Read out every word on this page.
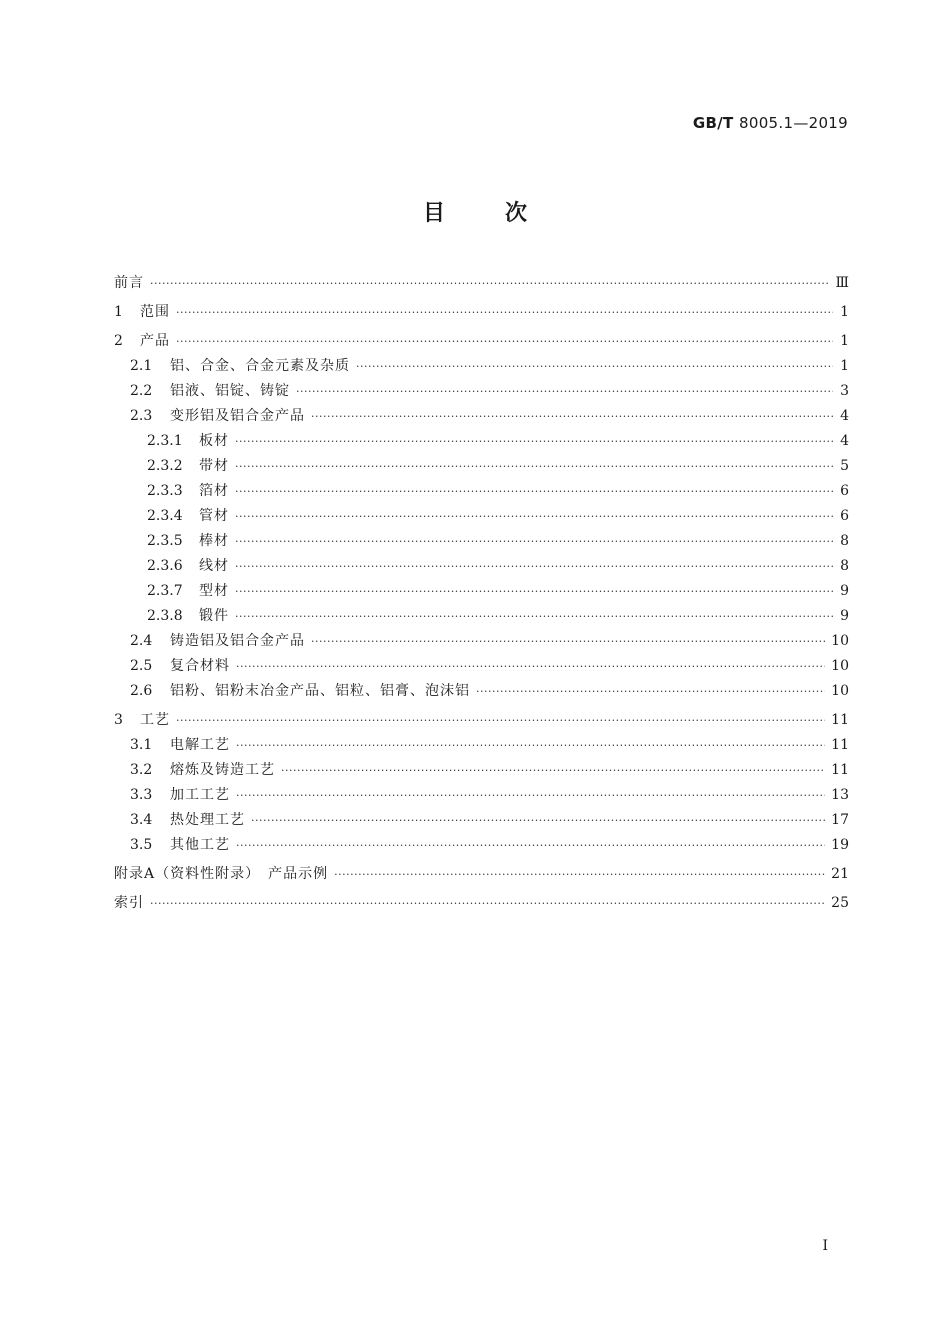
GB/T 8005.1—2019
目	次
前言 ·····	Ⅲ
1	范围 ·····	1
2	产品 ·····	1
2.1	铝、合金、合金元素及杂质 ·····	1
2.2	铝液、铝锭、铸锭 ·····	3
2.3	变形铝及铝合金产品 ·····	4
2.3.1	板材 ·····	4
2.3.2	带材 ·····	5
2.3.3	箔材 ·····	6
2.3.4	管材 ·····	6
2.3.5	棒材 ·····	8
2.3.6	线材 ·····	8
2.3.7	型材 ·····	9
2.3.8	锻件 ·····	9
2.4	铸造铝及铝合金产品 ·····	10
2.5	复合材料 ·····	10
2.6	铝粉、铝粉末冶金产品、铝粒、铝膏、泡沫铝 ·····	10
3	工艺 ·····	11
3.1	电解工艺 ·····	11
3.2	熔炼及铸造工艺 ·····	11
3.3	加工工艺 ·····	13
3.4	热处理工艺 ·····	17
3.5	其他工艺 ·····	19
附录A（资料性附录）　产品示例 ·····	21
索引 ·····	25
I
